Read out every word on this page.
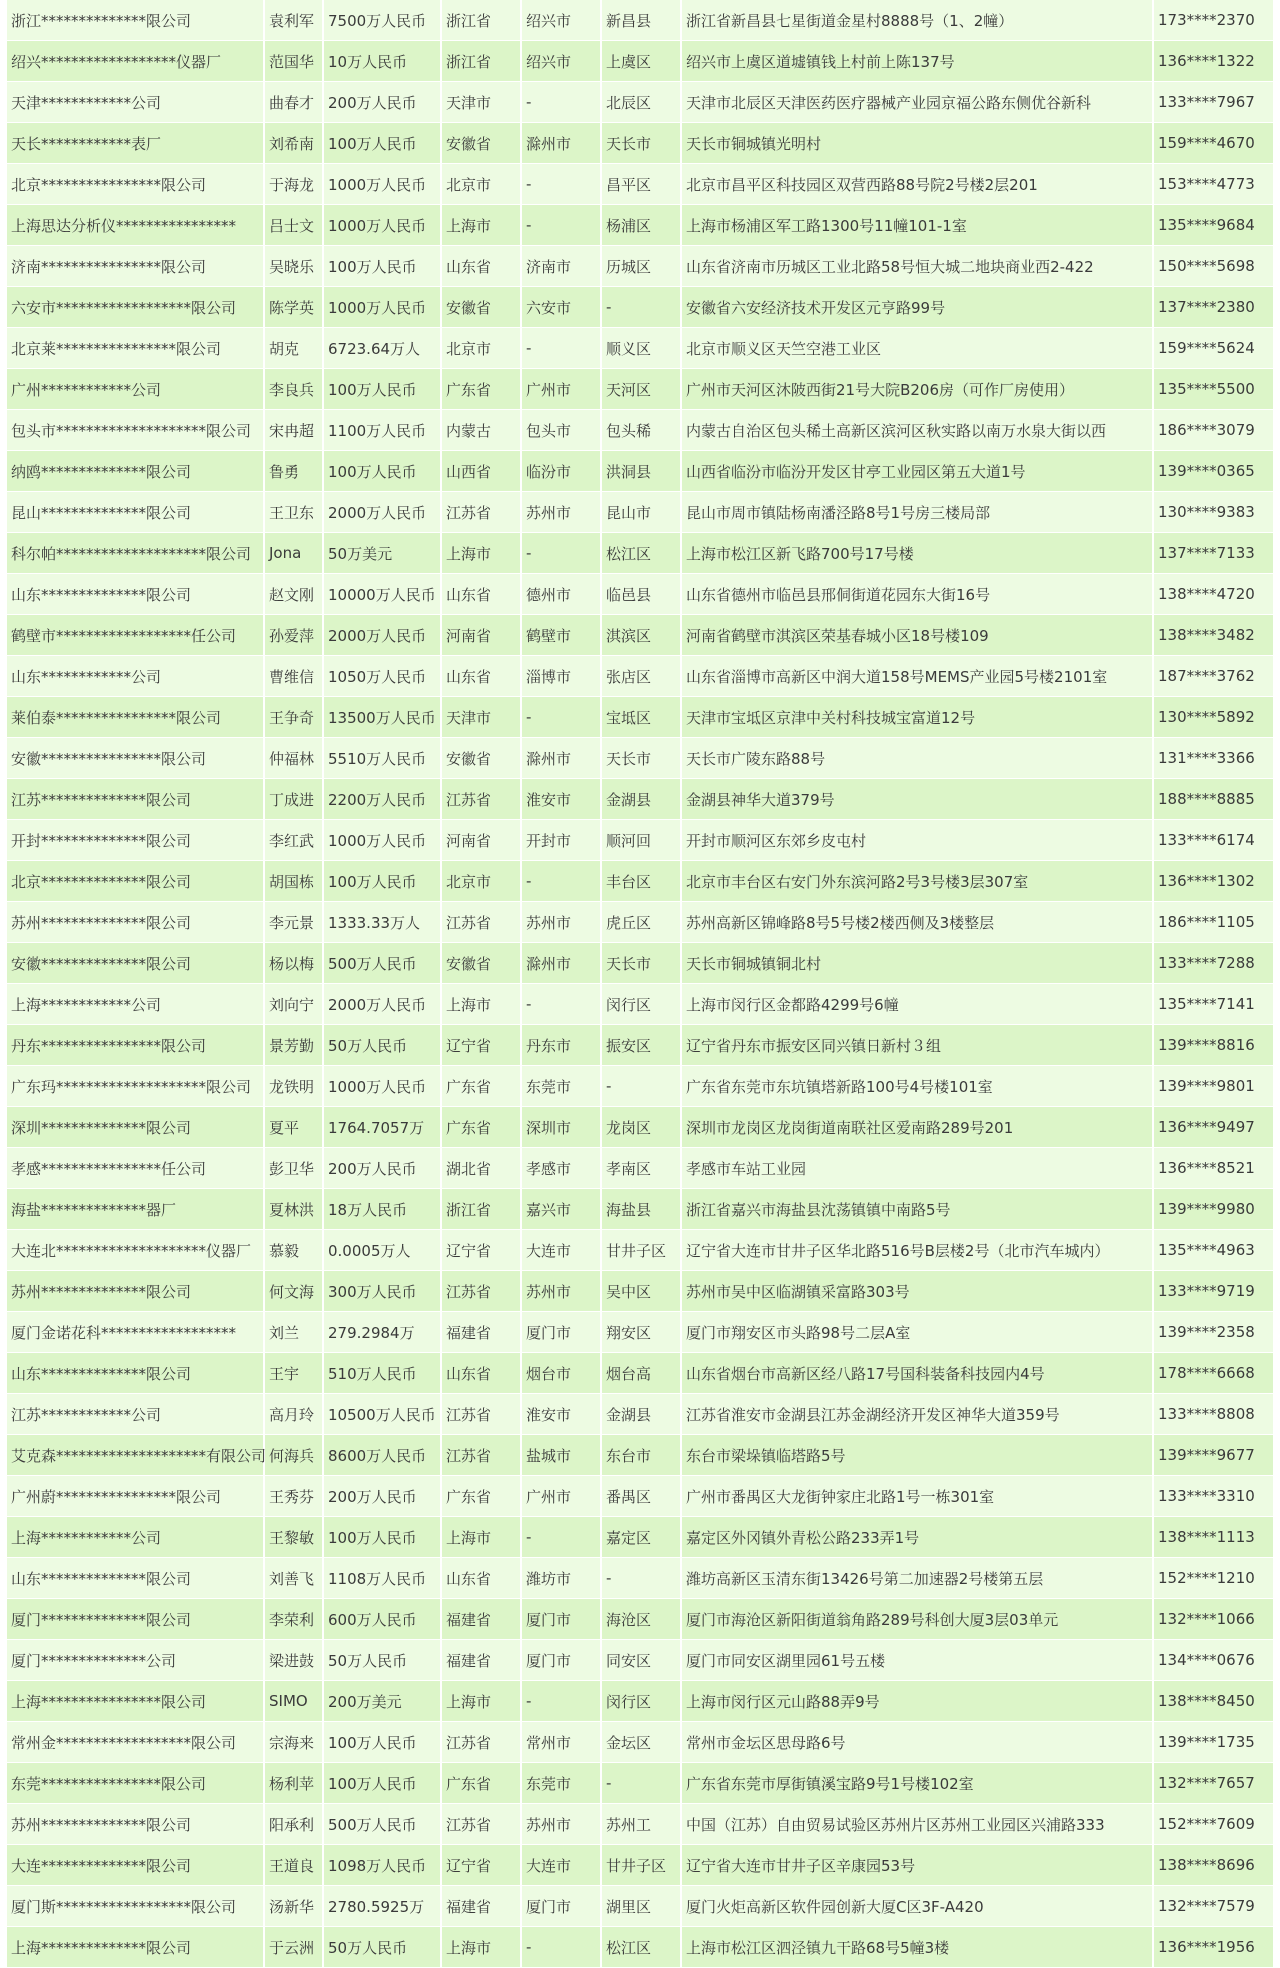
浙江**************限公司	袁利军	7500万人民币	浙江省	绍兴市	新昌县	浙江省新昌县七星街道金星村8888号（1、2幢）	173****2370
绍兴******************仪器厂	范国华	10万人民币	浙江省	绍兴市	上虞区	绍兴市上虞区道墟镇钱上村前上陈137号	136****1322
天津************公司	曲春才	200万人民币	天津市	-	北辰区	天津市北辰区天津医药医疗器械产业园京福公路东侧优谷新科	133****7967
天长************表厂	刘希南	100万人民币	安徽省	滁州市	天长市	天长市铜城镇光明村	159****4670
北京****************限公司	于海龙	1000万人民币	北京市	-	昌平区	北京市昌平区科技园区双营西路88号院2号楼2层201	153****4773
上海思达分析仪****************	吕士文	1000万人民币	上海市	-	杨浦区	上海市杨浦区军工路1300号11幢101-1室	135****9684
济南****************限公司	吴晓乐	100万人民币	山东省	济南市	历城区	山东省济南市历城区工业北路58号恒大城二地块商业西2-422	150****5698
六安市******************限公司	陈学英	1000万人民币	安徽省	六安市	-	安徽省六安经济技术开发区元亨路99号	137****2380
北京莱****************限公司	胡克	6723.64万人	北京市	-	顺义区	北京市顺义区天竺空港工业区	159****5624
广州************公司	李良兵	100万人民币	广东省	广州市	天河区	广州市天河区沐陂西街21号大院B206房（可作厂房使用）	135****5500
包头市********************限公司	宋冉超	1100万人民币	内蒙古	包头市	包头稀	内蒙古自治区包头稀土高新区滨河区秋实路以南万水泉大街以西	186****3079
纳鸥**************限公司	鲁勇	100万人民币	山西省	临汾市	洪洞县	山西省临汾市临汾开发区甘亭工业园区第五大道1号	139****0365
昆山**************限公司	王卫东	2000万人民币	江苏省	苏州市	昆山市	昆山市周市镇陆杨南潘泾路8号1号房三楼局部	130****9383
科尔帕********************限公司	Jona	50万美元	上海市	-	松江区	上海市松江区新飞路700号17号楼	137****7133
山东**************限公司	赵文刚	10000万人民币	山东省	德州市	临邑县	山东省德州市临邑县邢侗街道花园东大街16号	138****4720
鹤壁市******************任公司	孙爱萍	2000万人民币	河南省	鹤壁市	淇滨区	河南省鹤壁市淇滨区荣基春城小区18号楼109	138****3482
山东************公司	曹维信	1050万人民币	山东省	淄博市	张店区	山东省淄博市高新区中润大道158号MEMS产业园5号楼2101室	187****3762
莱伯泰****************限公司	王争奇	13500万人民币	天津市	-	宝坻区	天津市宝坻区京津中关村科技城宝富道12号	130****5892
安徽****************限公司	仲福林	5510万人民币	安徽省	滁州市	天长市	天长市广陵东路88号	131****3366
江苏**************限公司	丁成进	2200万人民币	江苏省	淮安市	金湖县	金湖县神华大道379号	188****8885
开封**************限公司	李红武	1000万人民币	河南省	开封市	顺河回	开封市顺河区东郊乡皮屯村	133****6174
北京**************限公司	胡国栋	100万人民币	北京市	-	丰台区	北京市丰台区右安门外东滨河路2号3号楼3层307室	136****1302
苏州**************限公司	李元景	1333.33万人	江苏省	苏州市	虎丘区	苏州高新区锦峰路8号5号楼2楼西侧及3楼整层	186****1105
安徽**************限公司	杨以梅	500万人民币	安徽省	滁州市	天长市	天长市铜城镇铜北村	133****7288
上海************公司	刘向宁	2000万人民币	上海市	-	闵行区	上海市闵行区金都路4299号6幢	135****7141
丹东****************限公司	景芳勤	50万人民币	辽宁省	丹东市	振安区	辽宁省丹东市振安区同兴镇日新村３组	139****8816
广东玛********************限公司	龙铁明	1000万人民币	广东省	东莞市	-	广东省东莞市东坑镇塔新路100号4号楼101室	139****9801
深圳**************限公司	夏平	1764.7057万	广东省	深圳市	龙岗区	深圳市龙岗区龙岗街道南联社区爱南路289号201	136****9497
孝感****************任公司	彭卫华	200万人民币	湖北省	孝感市	孝南区	孝感市车站工业园	136****8521
海盐**************器厂	夏林洪	18万人民币	浙江省	嘉兴市	海盐县	浙江省嘉兴市海盐县沈荡镇镇中南路5号	139****9980
大连北********************仪器厂	慕毅	0.0005万人	辽宁省	大连市	甘井子区	辽宁省大连市甘井子区华北路516号B层楼2号（北市汽车城内）	135****4963
苏州**************限公司	何文海	300万人民币	江苏省	苏州市	吴中区	苏州市吴中区临湖镇采富路303号	133****9719
厦门金诺花科******************	刘兰	279.2984万	福建省	厦门市	翔安区	厦门市翔安区市头路98号二层A室	139****2358
山东**************限公司	王宇	510万人民币	山东省	烟台市	烟台高	山东省烟台市高新区经八路17号国科装备科技园内4号	178****6668
江苏************公司	高月玲	10500万人民币	江苏省	淮安市	金湖县	江苏省淮安市金湖县江苏金湖经济开发区神华大道359号	133****8808
艾克森********************有限公司	何海兵	8600万人民币	江苏省	盐城市	东台市	东台市梁垛镇临塔路5号	139****9677
广州蔚****************限公司	王秀芬	200万人民币	广东省	广州市	番禺区	广州市番禺区大龙街钟家庄北路1号一栋301室	133****3310
上海************公司	王黎敏	100万人民币	上海市	-	嘉定区	嘉定区外冈镇外青松公路233弄1号	138****1113
山东**************限公司	刘善飞	1108万人民币	山东省	潍坊市	-	潍坊高新区玉清东街13426号第二加速器2号楼第五层	152****1210
厦门**************限公司	李荣利	600万人民币	福建省	厦门市	海沧区	厦门市海沧区新阳街道翁角路289号科创大厦3层03单元	132****1066
厦门**************公司	梁进鼓	50万人民币	福建省	厦门市	同安区	厦门市同安区湖里园61号五楼	134****0676
上海****************限公司	SIMO	200万美元	上海市	-	闵行区	上海市闵行区元山路88弄9号	138****8450
常州金******************限公司	宗海来	100万人民币	江苏省	常州市	金坛区	常州市金坛区思母路6号	139****1735
东莞****************限公司	杨利苹	100万人民币	广东省	东莞市	-	广东省东莞市厚街镇溪宝路9号1号楼102室	132****7657
苏州**************限公司	阳承利	500万人民币	江苏省	苏州市	苏州工	中国（江苏）自由贸易试验区苏州片区苏州工业园区兴浦路333	152****7609
大连**************限公司	王道良	1098万人民币	辽宁省	大连市	甘井子区	辽宁省大连市甘井子区辛康园53号	138****8696
厦门斯******************限公司	汤新华	2780.5925万	福建省	厦门市	湖里区	厦门火炬高新区软件园创新大厦C区3F-A420	132****7579
上海**************限公司	于云洲	50万人民币	上海市	-	松江区	上海市松江区泗泾镇九干路68号5幢3楼	136****1956
